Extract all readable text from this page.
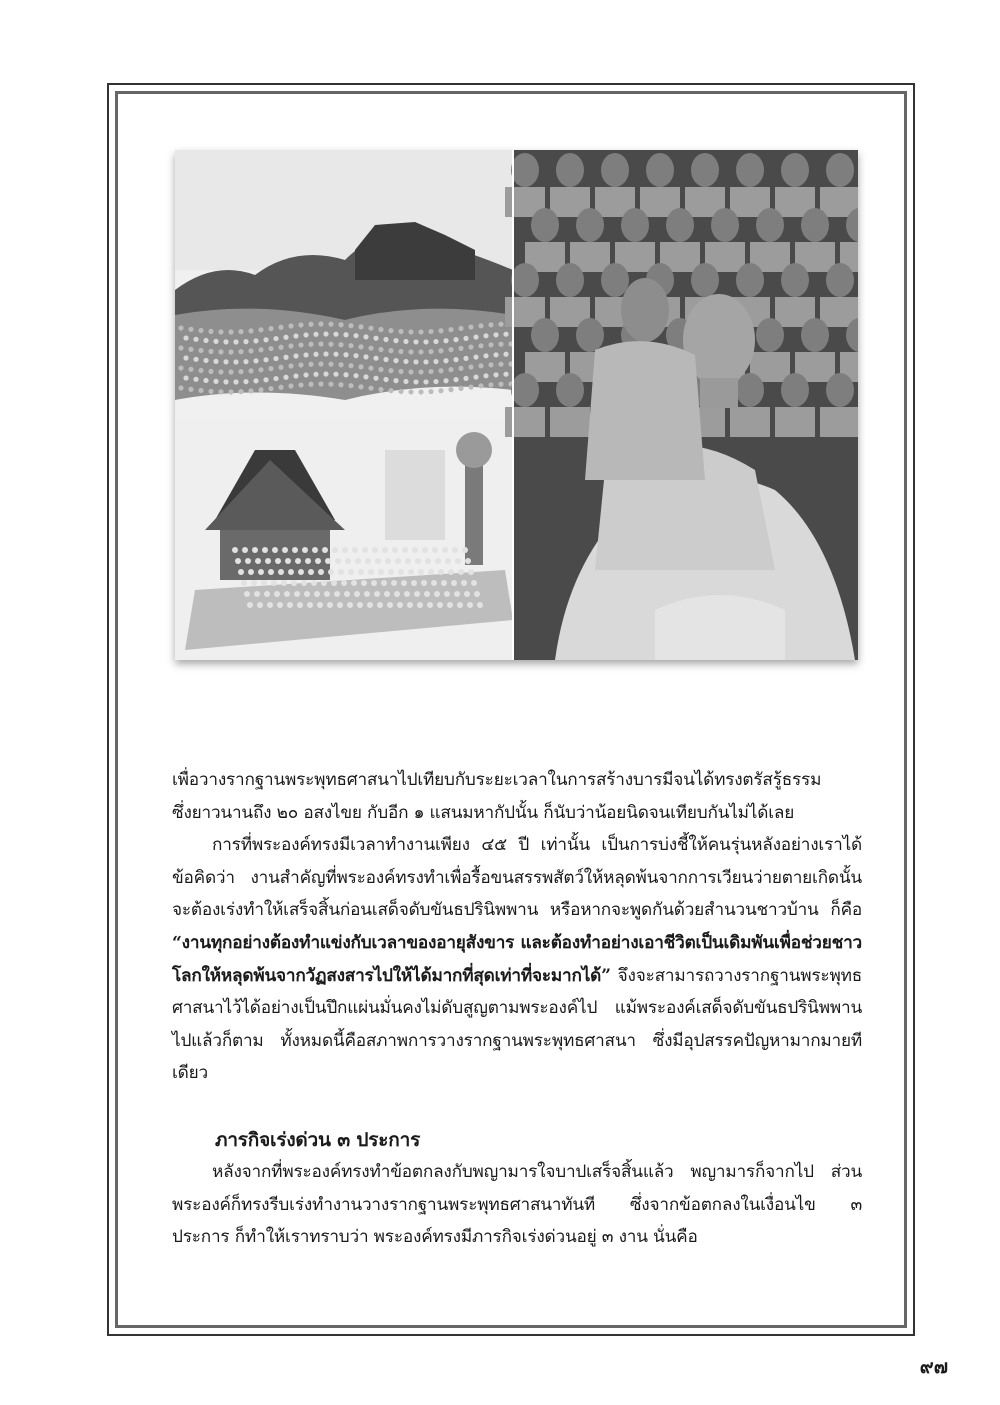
เพื่อวางรากฐานพระพุทธศาสนาไปเทียบกับระยะเวลาในการสร้างบารมีจนได้ทรงตรัสรู้ธรรม

ซึ่งยาวนานถึง ๒๐ อสงไขย กับอีก ๑ แสนมหากัปนั้น ก็นับว่าน้อยนิดจนเทียบกันไม่ได้เลย

การที่พระองค์ทรงมีเวลาทำงานเพียง ๔๕ ปี เท่านั้น เป็นการบ่งชี้ให้คนรุ่นหลังอย่างเราได้ข้อคิดว่า งานสำคัญที่พระองค์ทรงทำเพื่อรื้อขนสรรพสัตว์ให้หลุดพ้นจากการเวียนว่ายตายเกิดนั้น จะต้องเร่งทำให้เสร็จสิ้นก่อนเสด็จดับขันธปรินิพพาน หรือหากจะพูดกันด้วยสำนวนชาวบ้าน ก็คือ “งานทุกอย่างต้องทำแข่งกับเวลาของอายุสังขาร และต้องทำอย่างเอาชีวิตเป็นเดิมพันเพื่อช่วยชาวโลกให้หลุดพ้นจากวัฏสงสารไปให้ได้มากที่สุดเท่าที่จะมากได้” จึงจะสามารถวางรากฐานพระพุทธศาสนาไว้ได้อย่างเป็นปึกแผ่นมั่นคงไม่ดับสูญตามพระองค์ไป แม้พระองค์เสด็จดับขันธปรินิพพานไปแล้วก็ตาม ทั้งหมดนี้คือสภาพการวางรากฐานพระพุทธศาสนา ซึ่งมีอุปสรรคปัญหามากมายทีเดียว

ภารกิจเร่งด่วน ๓ ประการ

หลังจากที่พระองค์ทรงทำข้อตกลงกับพญามารใจบาปเสร็จสิ้นแล้ว พญามารก็จากไป ส่วนพระองค์ก็ทรงรีบเร่งทำงานวางรากฐานพระพุทธศาสนาทันที ซึ่งจากข้อตกลงในเงื่อนไข ๓ ประการ ก็ทำให้เราทราบว่า พระองค์ทรงมีภารกิจเร่งด่วนอยู่ ๓ งาน นั่นคือ

๙๗
